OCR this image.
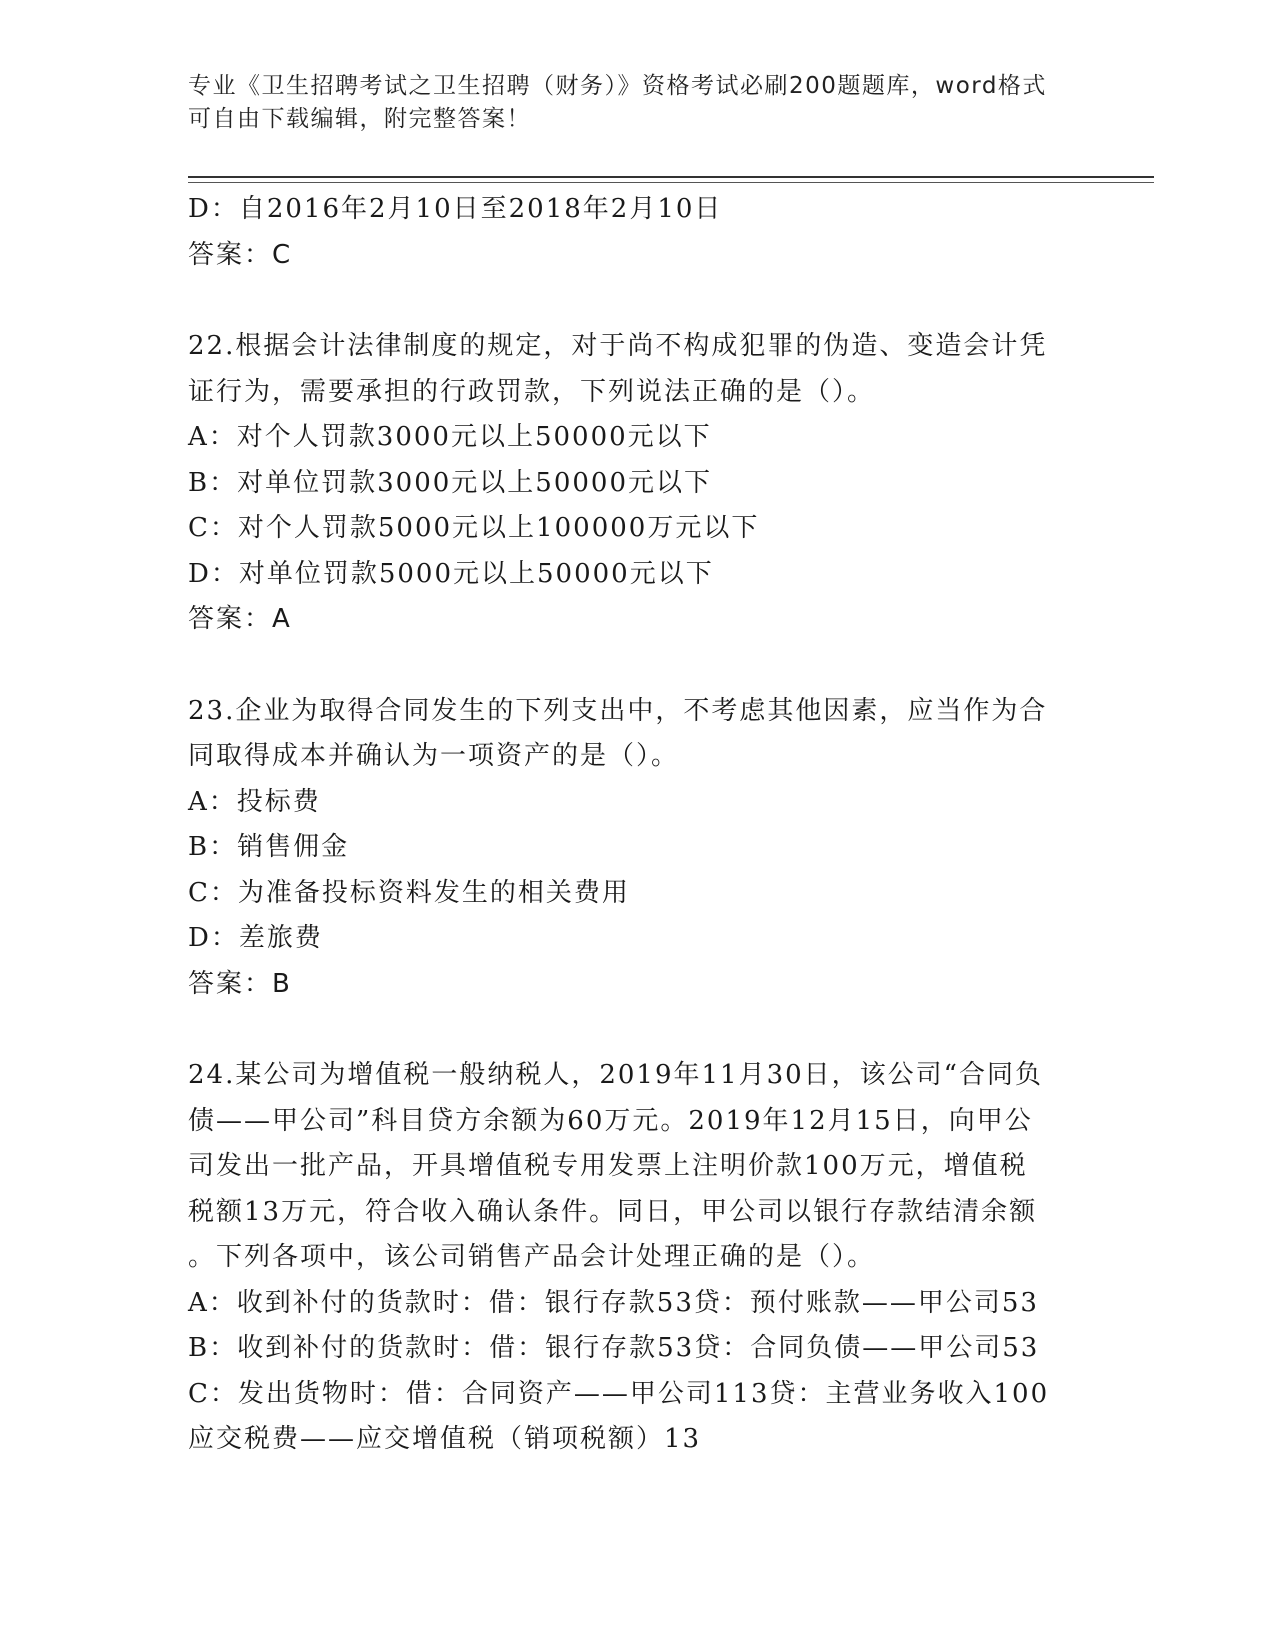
专业《卫生招聘考试之卫生招聘（财务）》资格考试必刷200题题库，word格式
可自由下载编辑，附完整答案！
D：自2016年2月10日至2018年2月10日
答案：C
22.根据会计法律制度的规定，对于尚不构成犯罪的伪造、变造会计凭
证行为，需要承担的行政罚款，下列说法正确的是（）。
A：对个人罚款3000元以上50000元以下
B：对单位罚款3000元以上50000元以下
C：对个人罚款5000元以上100000万元以下
D：对单位罚款5000元以上50000元以下
答案：A
23.企业为取得合同发生的下列支出中，不考虑其他因素，应当作为合
同取得成本并确认为一项资产的是（）。
A：投标费
B：销售佣金
C：为准备投标资料发生的相关费用
D：差旅费
答案：B
24.某公司为增值税一般纳税人，2019年11月30日，该公司“合同负
债——甲公司”科目贷方余额为60万元。2019年12月15日，向甲公
司发出一批产品，开具增值税专用发票上注明价款100万元，增值税
税额13万元，符合收入确认条件。同日，甲公司以银行存款结清余额
。下列各项中，该公司销售产品会计处理正确的是（）。
A：收到补付的货款时：借：银行存款53贷：预付账款——甲公司53
B：收到补付的货款时：借：银行存款53贷：合同负债——甲公司53
C：发出货物时：借：合同资产——甲公司113贷：主营业务收入100
应交税费——应交增值税（销项税额）13
